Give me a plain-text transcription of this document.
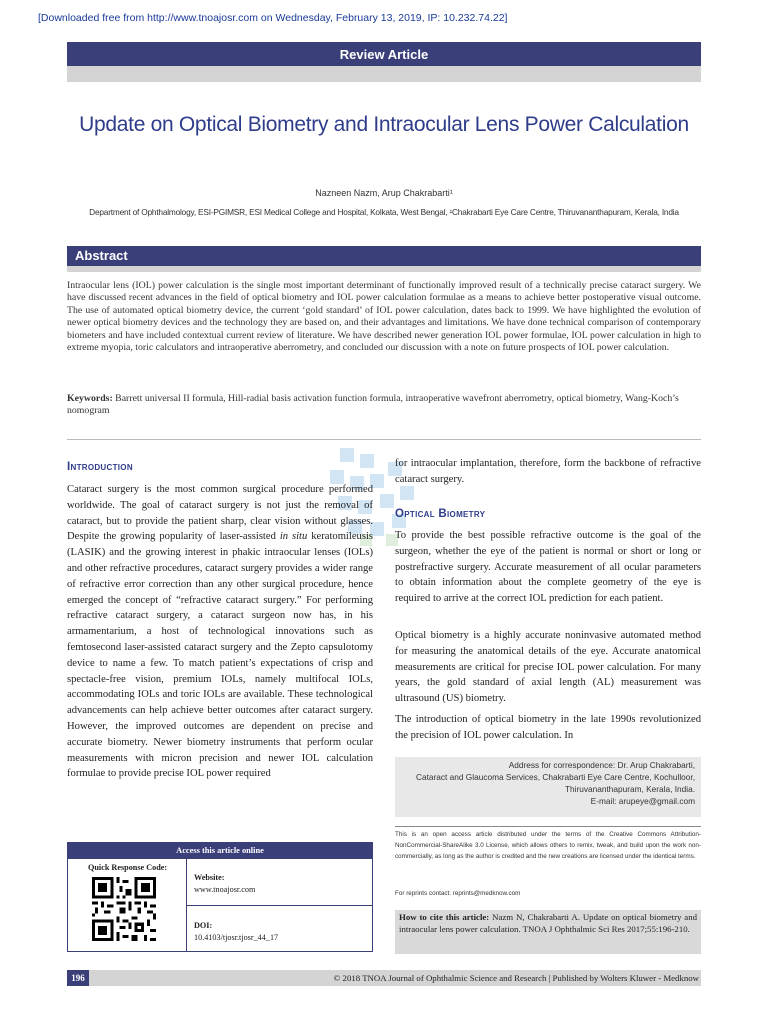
[Downloaded free from http://www.tnoajosr.com on Wednesday, February 13, 2019, IP: 10.232.74.22]
Review Article
Update on Optical Biometry and Intraocular Lens Power Calculation
Nazneen Nazm, Arup Chakrabarti¹
Department of Ophthalmology, ESI-PGIMSR, ESI Medical College and Hospital, Kolkata, West Bengal, ¹Chakrabarti Eye Care Centre, Thiruvananthapuram, Kerala, India
Abstract
Intraocular lens (IOL) power calculation is the single most important determinant of functionally improved result of a technically precise cataract surgery. We have discussed recent advances in the field of optical biometry and IOL power calculation formulae as a means to achieve better postoperative visual outcome. The use of automated optical biometry device, the current ‘gold standard’ of IOL power calculation, dates back to 1999. We have highlighted the evolution of newer optical biometry devices and the technology they are based on, and their advantages and limitations. We have done technical comparison of contemporary biometers and have included contextual current review of literature. We have described newer generation IOL power formulae, IOL power calculation in high to extreme myopia, toric calculators and intraoperative aberrometry, and concluded our discussion with a note on future prospects of IOL power calculation.
Keywords: Barrett universal II formula, Hill-radial basis activation function formula, intraoperative wavefront aberrometry, optical biometry, Wang-Koch’s nomogram
Introduction
Cataract surgery is the most common surgical procedure performed worldwide. The goal of cataract surgery is not just the removal of cataract, but to provide the patient sharp, clear vision without glasses. Despite the growing popularity of laser-assisted in situ keratomileusis (LASIK) and the growing interest in phakic intraocular lenses (IOLs) and other refractive procedures, cataract surgery provides a wider range of refractive error correction than any other surgical procedure, hence emerged the concept of “refractive cataract surgery.” For performing refractive cataract surgery, a cataract surgeon now has, in his armamentarium, a host of technological innovations such as femtosecond laser-assisted cataract surgery and the Zepto capsulotomy device to name a few. To match patient’s expectations of crisp and spectacle-free vision, premium IOLs, namely multifocal IOLs, accommodating IOLs and toric IOLs are available. These technological advancements can help achieve better outcomes after cataract surgery. However, the improved outcomes are dependent on precise and accurate biometry. Newer biometry instruments that perform ocular measurements with micron precision and newer IOL calculation formulae to provide precise IOL power required
for intraocular implantation, therefore, form the backbone of refractive cataract surgery.
Optical Biometry
To provide the best possible refractive outcome is the goal of the surgeon, whether the eye of the patient is normal or short or long or postrefractive surgery. Accurate measurement of all ocular parameters to obtain information about the complete geometry of the eye is required to arrive at the correct IOL prediction for each patient.
Optical biometry is a highly accurate noninvasive automated method for measuring the anatomical details of the eye. Accurate anatomical measurements are critical for precise IOL power calculation. For many years, the gold standard of axial length (AL) measurement was ultrasound (US) biometry.
The introduction of optical biometry in the late 1990s revolutionized the precision of IOL power calculation. In
Address for correspondence: Dr. Arup Chakrabarti,
Cataract and Glaucoma Services, Chakrabarti Eye Care Centre, Kochulloor,
Thiruvananthapuram, Kerala, India.
E-mail: arupeye@gmail.com
Access this article online
Quick Response Code:
Website:
www.tnoajosr.com
DOI:
10.4103/tjosr.tjosr_44_17
This is an open access article distributed under the terms of the Creative Commons Attribution-NonCommercial-ShareAlike 3.0 License, which allows others to remix, tweak, and build upon the work non-commercially, as long as the author is credited and the new creations are licensed under the identical terms.
For reprints contact: reprints@medknow.com
How to cite this article: Nazm N, Chakrabarti A. Update on optical biometry and intraocular lens power calculation. TNOA J Ophthalmic Sci Res 2017;55:196-210.
196	© 2018 TNOA Journal of Ophthalmic Science and Research | Published by Wolters Kluwer - Medknow
